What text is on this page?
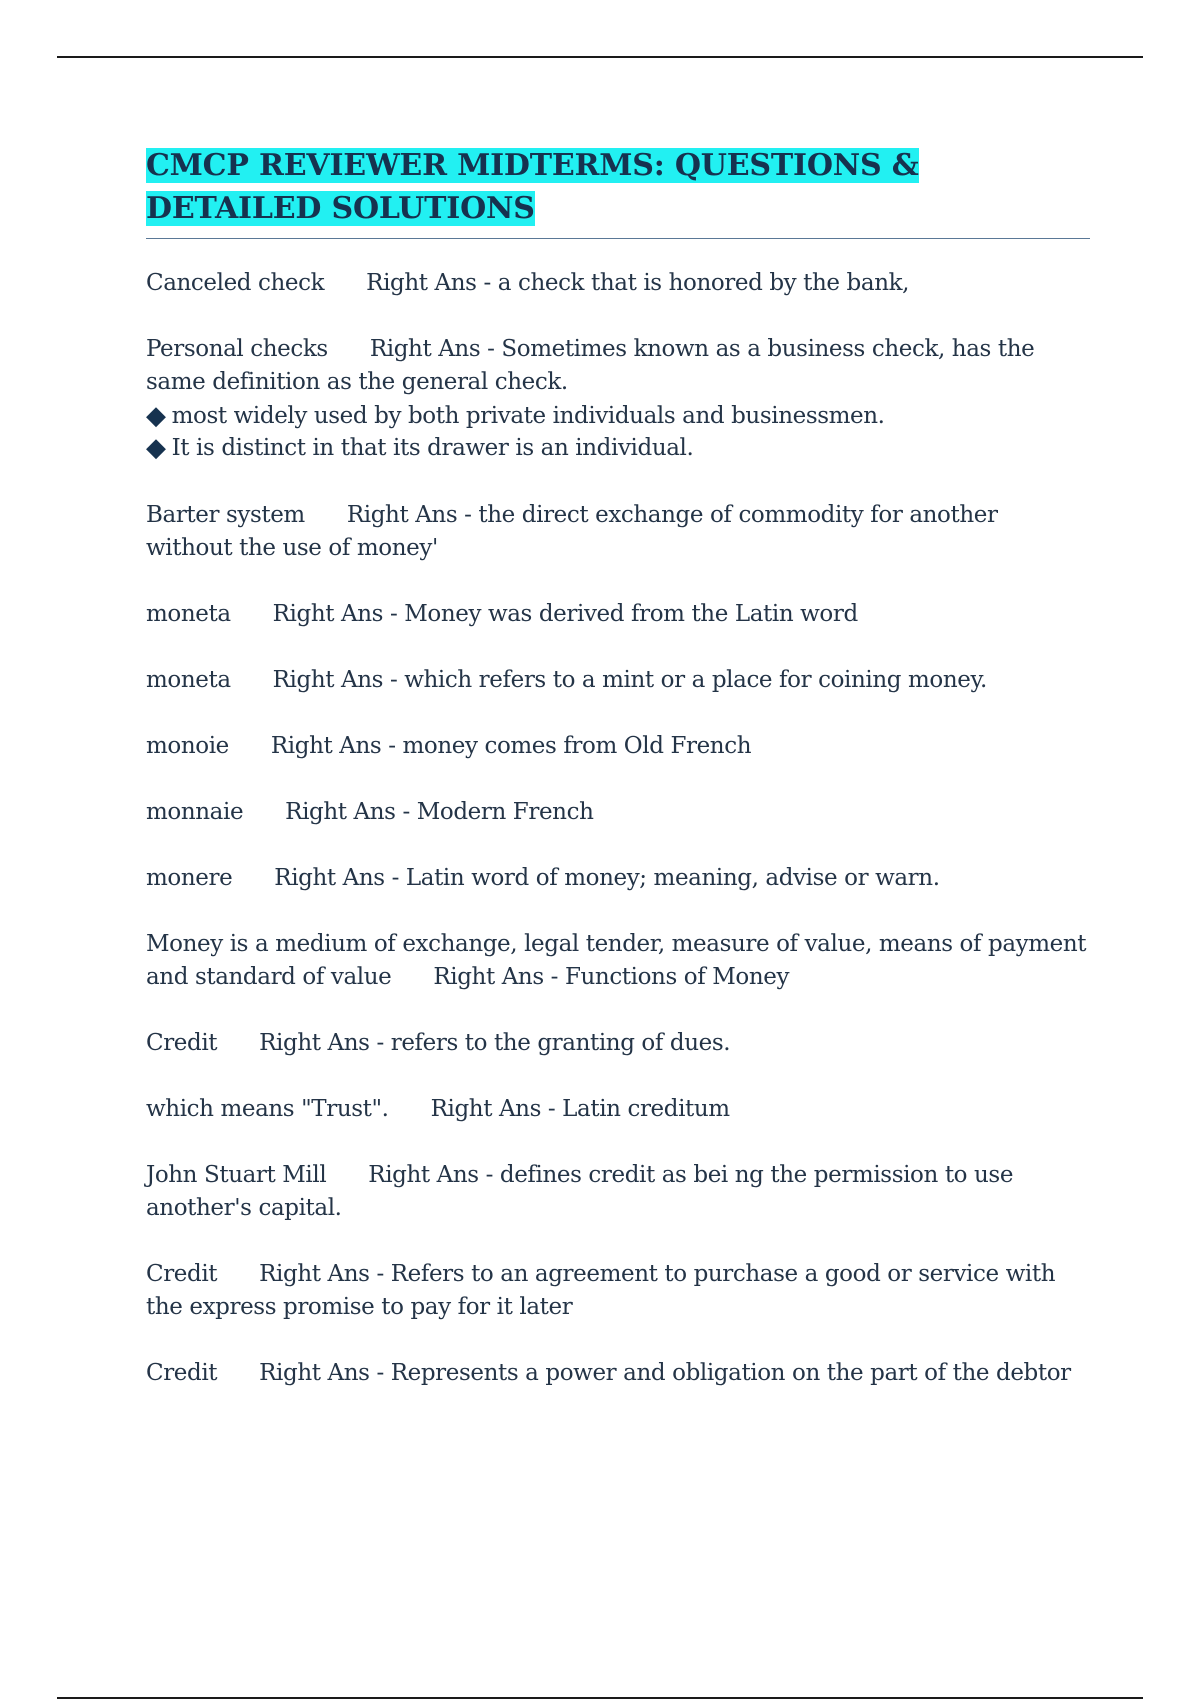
CMCP REVIEWER MIDTERMS: QUESTIONS & DETAILED SOLUTIONS
Canceled check Right Ans - a check that is honored by the bank,
Personal checks Right Ans - Sometimes known as a business check, has the same definition as the general check.
◆ most widely used by both private individuals and businessmen.
◆ It is distinct in that its drawer is an individual.
Barter system Right Ans - the direct exchange of commodity for another without the use of money'
moneta Right Ans - Money was derived from the Latin word
moneta Right Ans - which refers to a mint or a place for coining money.
monoie Right Ans - money comes from Old French
monnaie Right Ans - Modern French
monere Right Ans - Latin word of money; meaning, advise or warn.
Money is a medium of exchange, legal tender, measure of value, means of payment and standard of value Right Ans - Functions of Money
Credit Right Ans - refers to the granting of dues.
which means "Trust". Right Ans - Latin creditum
John Stuart Mill Right Ans - defines credit as bei ng the permission to use another's capital.
Credit Right Ans - Refers to an agreement to purchase a good or service with the express promise to pay for it later
Credit Right Ans - Represents a power and obligation on the part of the debtor
